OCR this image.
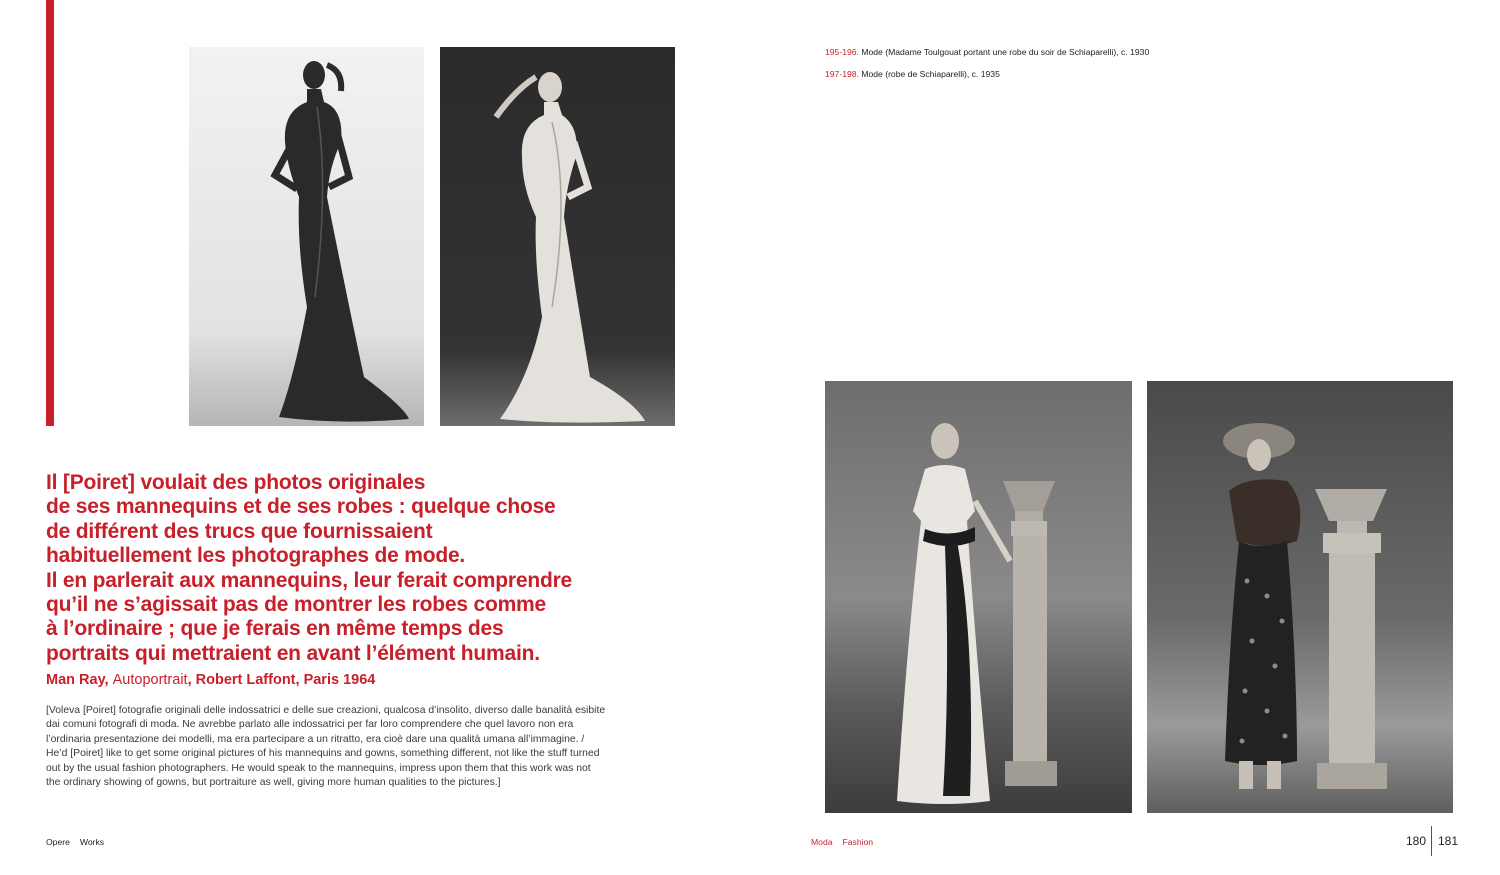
195-196. Mode (Madame Toulgouat portant une robe du soir de Schiaparelli), c. 1930
197-198. Mode (robe de Schiaparelli), c. 1935
Il [Poiret] voulait des photos originales
de ses mannequins et de ses robes : quelque chose
de différent des trucs que fournissaient
habituellement les photographes de mode.
Il en parlerait aux mannequins, leur ferait comprendre
qu’il ne s’agissait pas de montrer les robes comme
à l’ordinaire ; que je ferais en même temps des
portraits qui mettraient en avant l’élément humain.
Man Ray, Autoportrait, Robert Laffont, Paris 1964
[Voleva [Poiret] fotografie originali delle indossatrici e delle sue creazioni, qualcosa d’insolito, diverso dalle banalità esibite
dai comuni fotografi di moda. Ne avrebbe parlato alle indossatrici per far loro comprendere che quel lavoro non era
l’ordinaria presentazione dei modelli, ma era partecipare a un ritratto, era cioè dare una qualità umana all’immagine. /
He’d [Poiret] like to get some original pictures of his mannequins and gowns, something different, not like the stuff turned
out by the usual fashion photographers. He would speak to the mannequins, impress upon them that this work was not
the ordinary showing of gowns, but portraiture as well, giving more human qualities to the pictures.]
Opere Works	Moda Fashion	180 181
